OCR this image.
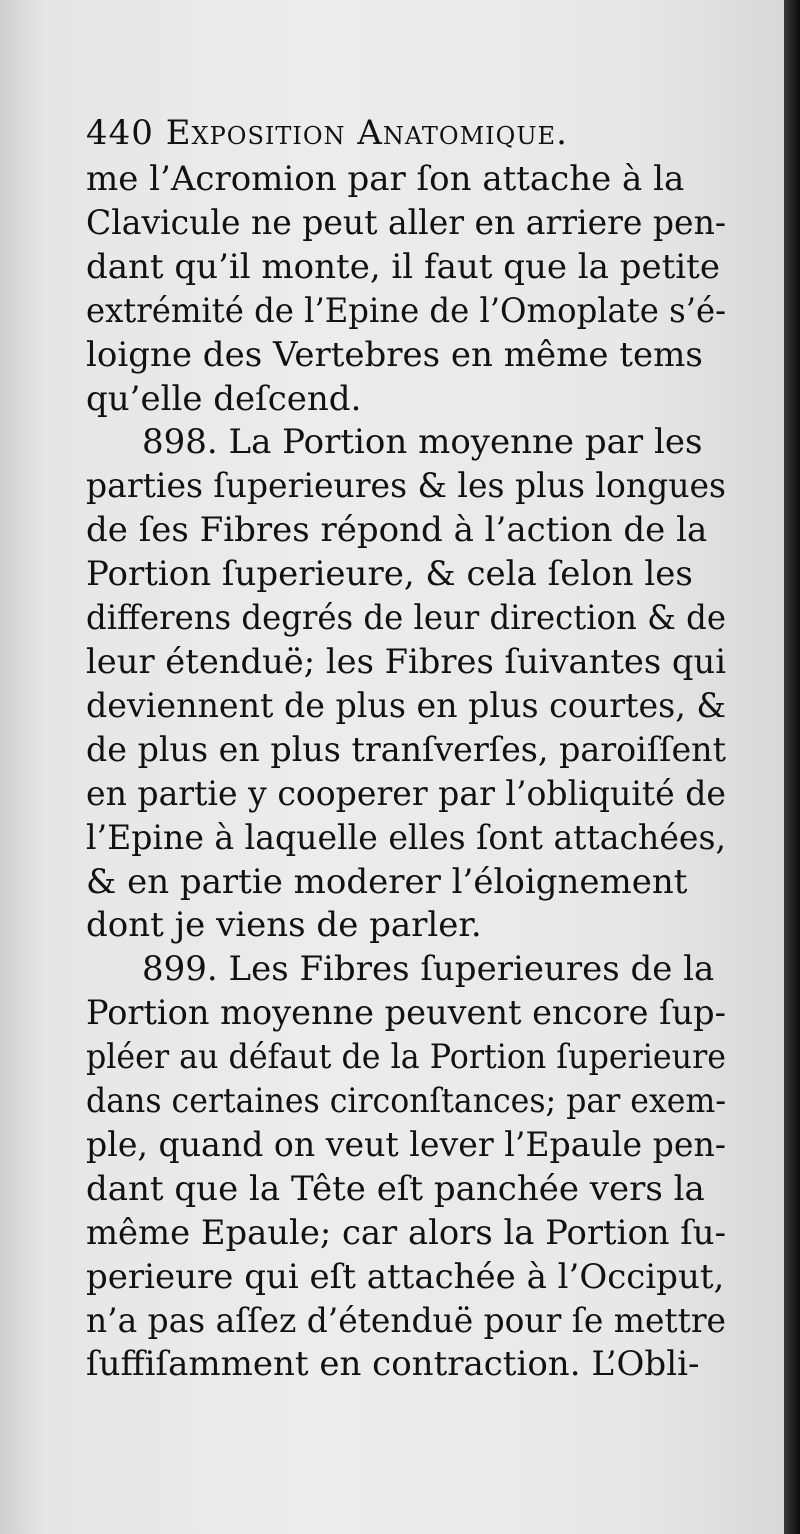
440 Exposition Anatomique.
me l’Acromion par ſon attache à la
Clavicule ne peut aller en arriere pen-
dant qu’il monte, il faut que la petite
extrémité de l’Epine de l’Omoplate s’é-
loigne des Vertebres en même tems
qu’elle deſcend.
898. La Portion moyenne par les
parties ſuperieures & les plus longues
de ſes Fibres répond à l’action de la
Portion ſuperieure, & cela ſelon les
differens degrés de leur direction & de
leur étenduë; les Fibres ſuivantes qui
deviennent de plus en plus courtes, &
de plus en plus tranſverſes, paroiſſent
en partie y cooperer par l’obliquité de
l’Epine à laquelle elles ſont attachées,
& en partie moderer l’éloignement
dont je viens de parler.
899. Les Fibres ſuperieures de la
Portion moyenne peuvent encore ſup-
pléer au défaut de la Portion ſuperieure
dans certaines circonſtances; par exem-
ple, quand on veut lever l’Epaule pen-
dant que la Tête eſt panchée vers la
même Epaule; car alors la Portion ſu-
perieure qui eſt attachée à l’Occiput,
n’a pas aſſez d’étenduë pour ſe mettre
ſuffiſamment en contraction. L’Obli-
